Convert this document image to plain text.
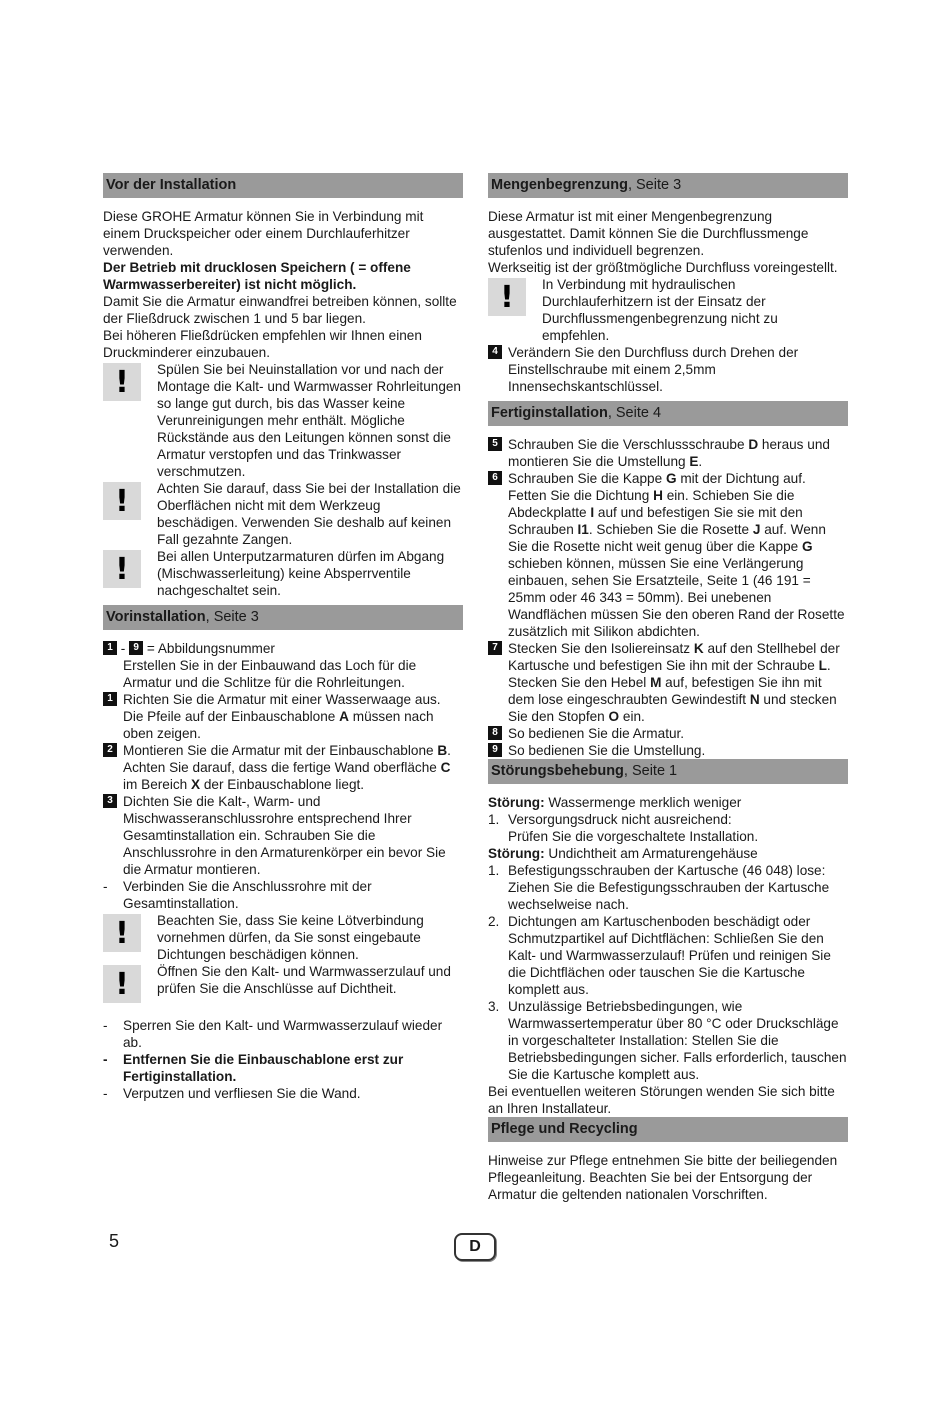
Vor der Installation

Diese GROHE Armatur können Sie in Verbindung mit einem Druckspeicher oder einem Durchlauferhitzer verwenden.

Der Betrieb mit drucklosen Speichern ( = offene Warmwasserbereiter) ist nicht möglich.

Damit Sie die Armatur einwandfrei betreiben können, sollte der Fließdruck zwischen 1 und 5 bar liegen.

Bei höheren Fließdrücken empfehlen wir Ihnen einen Druckminderer einzubauen.

!	Spülen Sie bei Neuinstallation vor und nach der Montage die Kalt- und Warmwasser Rohrleitungen so lange gut durch, bis das Wasser keine Verunreinigungen mehr enthält. Mögliche Rückstände aus den Leitungen können sonst die Armatur verstopfen und das Trinkwasser verschmutzen.
!	Achten Sie darauf, dass Sie bei der Installation die Oberflächen nicht mit dem Werkzeug beschädigen. Verwenden Sie deshalb auf keinen Fall gezahnte Zangen.
!	Bei allen Unterputzarmaturen dürfen im Abgang (Mischwasserleitung) keine Absperrventile nachgeschaltet sein.
Vorinstallation, Seite 3
1 - 9 = Abbildungsnummer
Erstellen Sie in der Einbauwand das Loch für die Armatur und die Schlitze für die Rohrleitungen.
1 Richten Sie die Armatur mit einer Wasserwaage aus. Die Pfeile auf der Einbauschablone A müssen nach oben zeigen.
2 Montieren Sie die Armatur mit der Einbauschablone B. Achten Sie darauf, dass die fertige Wand oberfläche C im Bereich X der Einbauschablone liegt.
3 Dichten Sie die Kalt-, Warm- und Mischwasseranschlussrohre entsprechend Ihrer Gesamtinstallation ein. Schrauben Sie die Anschlussrohre in den Armaturenkörper ein bevor Sie die Armatur montieren.
-	Verbinden Sie die Anschlussrohre mit der Gesamtinstallation.
!	Beachten Sie, dass Sie keine Lötverbindung vornehmen dürfen, da Sie sonst eingebaute Dichtungen beschädigen können.
!	Öffnen Sie den Kalt- und Warmwasserzulauf und prüfen Sie die Anschlüsse auf Dichtheit.
-	Sperren Sie den Kalt- und Warmwasserzulauf wieder ab.
-	Entfernen Sie die Einbauschablone erst zur Fertiginstallation.
-	Verputzen und verfliesen Sie die Wand.
Mengenbegrenzung, Seite 3

Diese Armatur ist mit einer Mengenbegrenzung ausgestattet. Damit können Sie die Durchflussmenge stufenlos und individuell begrenzen.

Werkseitig ist der größtmögliche Durchfluss voreingestellt.

!	In Verbindung mit hydraulischen Durchlauferhitzern ist der Einsatz der Durchflussmengenbegrenzung nicht zu empfehlen.
4 Verändern Sie den Durchfluss durch Drehen der Einstellschraube mit einem 2,5mm Innensechskantschlüssel.
Fertiginstallation, Seite 4
5 Schrauben Sie die Verschlussschraube D heraus und montieren Sie die Umstellung E.
6 Schrauben Sie die Kappe G mit der Dichtung auf. Fetten Sie die Dichtung H ein. Schieben Sie die Abdeckplatte I auf und befestigen Sie sie mit den Schrauben I1. Schieben Sie die Rosette J auf. Wenn Sie die Rosette nicht weit genug über die Kappe G schieben können, müssen Sie eine Verlängerung einbauen, sehen Sie Ersatzteile, Seite 1 (46 191 = 25mm oder 46 343 = 50mm). Bei unebenen Wandflächen müssen Sie den oberen Rand der Rosette zusätzlich mit Silikon abdichten.
7 Stecken Sie den Isoliereinsatz K auf den Stellhebel der Kartusche und befestigen Sie ihn mit der Schraube L.
Stecken Sie den Hebel M auf, befestigen Sie ihn mit dem lose eingeschraubten Gewindestift N und stecken Sie den Stopfen O ein.
8 So bedienen Sie die Armatur.
9 So bedienen Sie die Umstellung.
Störungsbehebung, Seite 1

Störung: Wassermenge merklich weniger

1. Versorgungsdruck nicht ausreichend:
Prüfen Sie die vorgeschaltete Installation.

Störung: Undichtheit am Armaturengehäuse

1. Befestigungsschrauben der Kartusche (46 048) lose: Ziehen Sie die Befestigungsschrauben der Kartusche wechselweise nach.
2. Dichtungen am Kartuschenboden beschädigt oder Schmutzpartikel auf Dichtflächen: Schließen Sie den Kalt- und Warmwasserzulauf! Prüfen und reinigen Sie die Dichtflächen oder tauschen Sie die Kartusche komplett aus.
3. Unzulässige Betriebsbedingungen, wie Warmwassertemperatur über 80 °C oder Druckschläge in vorgeschalteter Installation: Stellen Sie die Betriebsbedingungen sicher. Falls erforderlich, tauschen Sie die Kartusche komplett aus.

Bei eventuellen weiteren Störungen wenden Sie sich bitte an Ihren Installateur.

Pflege und Recycling

Hinweise zur Pflege entnehmen Sie bitte der beiliegenden Pflegeanleitung. Beachten Sie bei der Entsorgung der Armatur die geltenden nationalen Vorschriften.

5	D
